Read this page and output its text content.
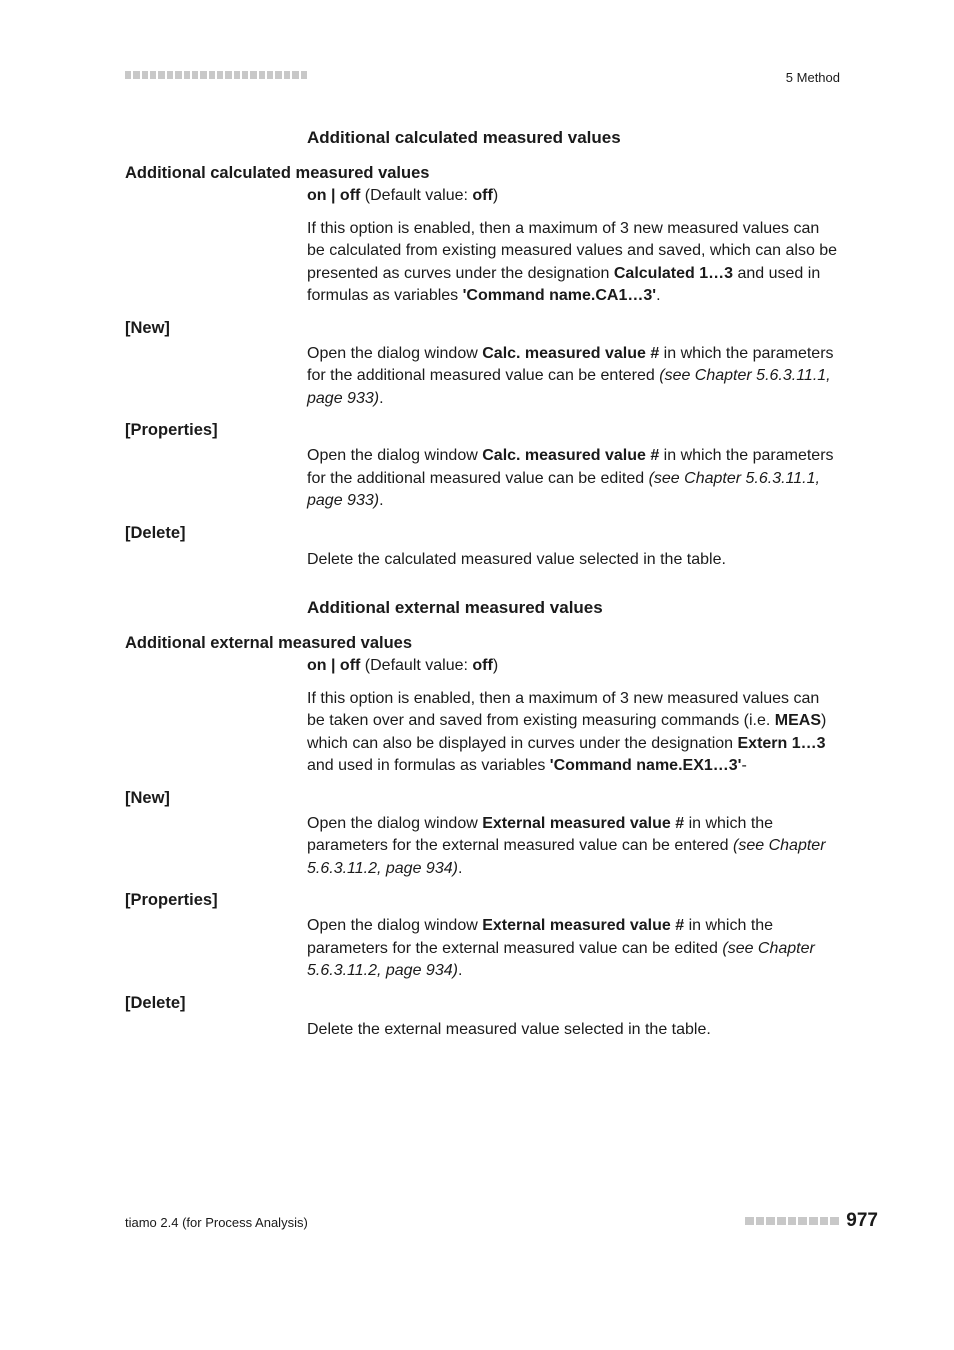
5 Method
Additional calculated measured values
Additional calculated measured values
on | off (Default value: off)

If this option is enabled, then a maximum of 3 new measured values can be calculated from existing measured values and saved, which can also be presented as curves under the designation Calculated 1…3 and used in formulas as variables 'Command name.CA1…3'.

[New]

Open the dialog window Calc. measured value # in which the parameters for the additional measured value can be entered (see Chapter 5.6.3.11.1, page 933).

[Properties]

Open the dialog window Calc. measured value # in which the parameters for the additional measured value can be edited (see Chapter 5.6.3.11.1, page 933).

[Delete]
Delete the calculated measured value selected in the table.
Additional external measured values
Additional external measured values
on | off (Default value: off)

If this option is enabled, then a maximum of 3 new measured values can be taken over and saved from existing measuring commands (i.e. MEAS) which can also be displayed in curves under the designation Extern 1…3 and used in formulas as variables 'Command name.EX1…3'-

[New]

Open the dialog window External measured value # in which the parameters for the external measured value can be entered (see Chapter 5.6.3.11.2, page 934).

[Properties]

Open the dialog window External measured value # in which the parameters for the external measured value can be edited (see Chapter 5.6.3.11.2, page 934).

[Delete]
Delete the external measured value selected in the table.
tiamo 2.4 (for Process Analysis)	977
